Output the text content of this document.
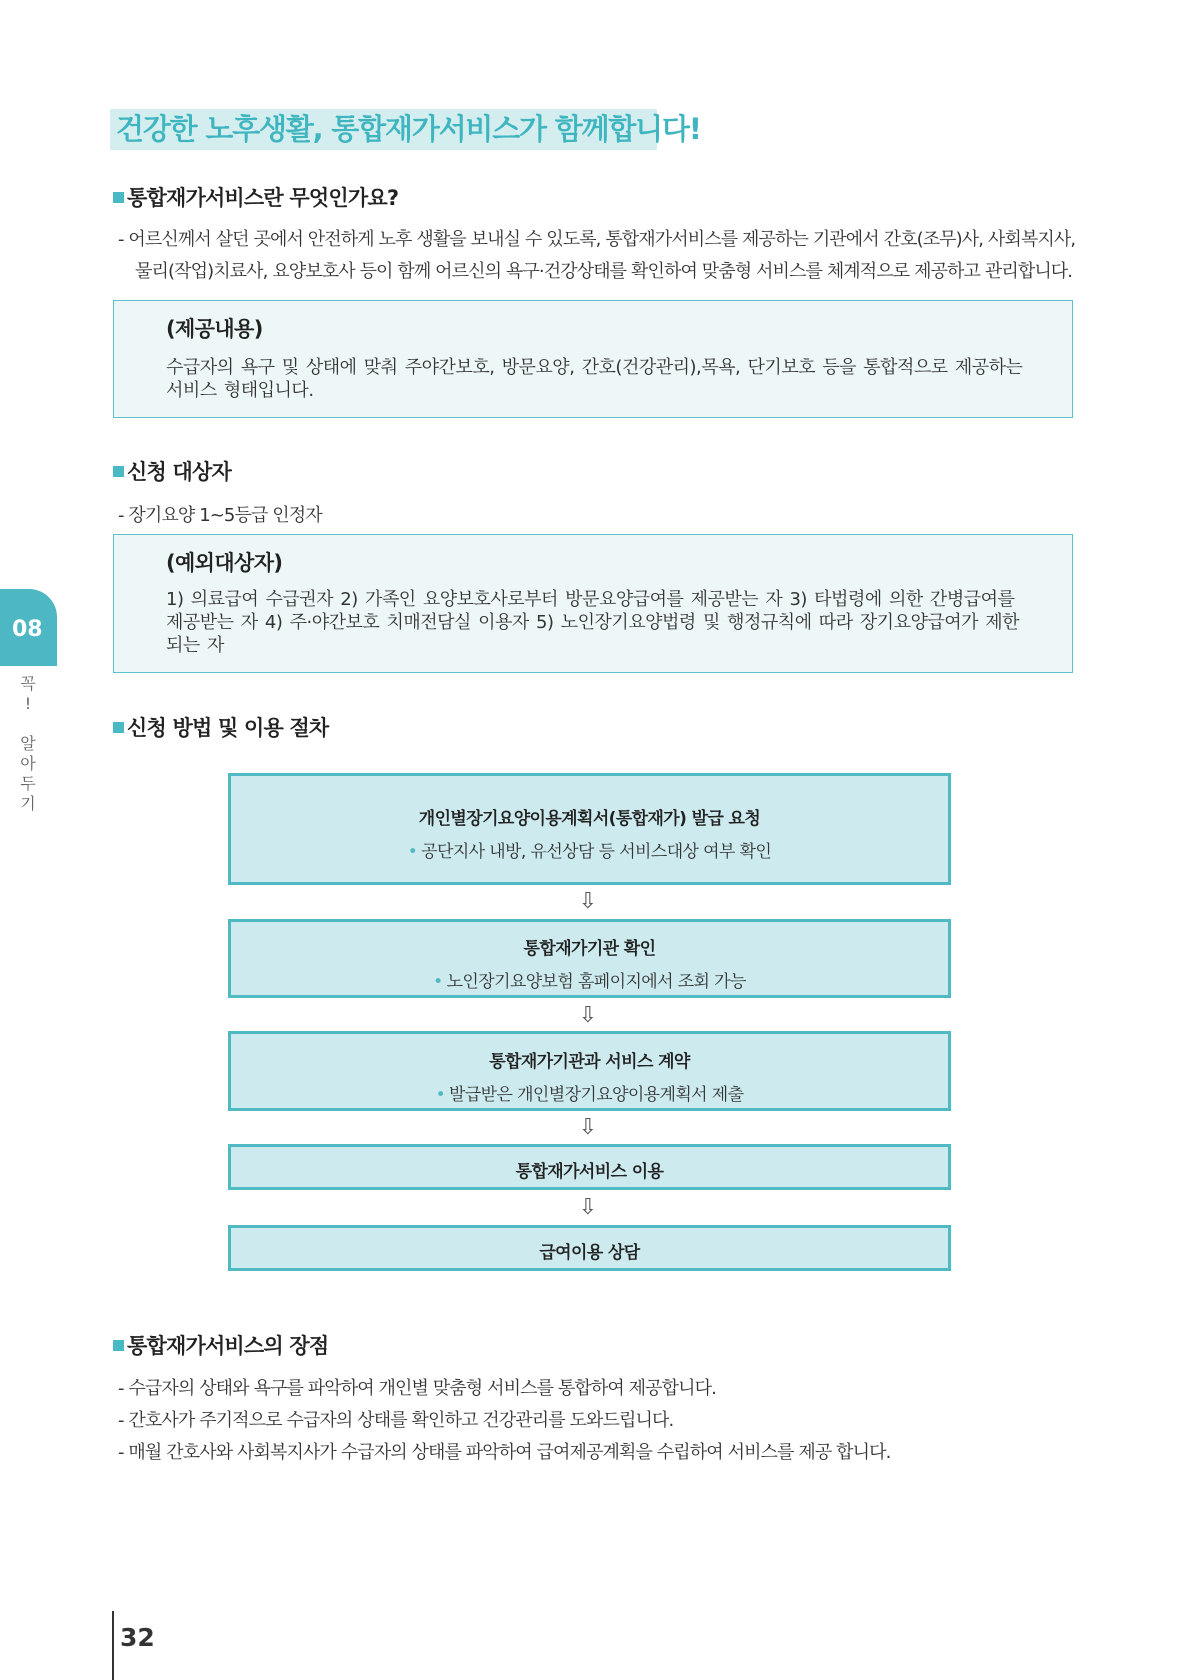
건강한 노후생활, 통합재가서비스가 함께합니다!
통합재가서비스란 무엇인가요?

- 어르신께서 살던 곳에서 안전하게 노후 생활을 보내실 수 있도록, 통합재가서비스를 제공하는 기관에서 간호(조무)사, 사회복지사,

물리(작업)치료사, 요양보호사 등이 함께 어르신의 욕구·건강상태를 확인하여 맞춤형 서비스를 체계적으로 제공하고 관리합니다.

(제공내용)
수급자의 욕구 및 상태에 맞춰 주야간보호, 방문요양, 간호(건강관리),목욕, 단기보호 등을 통합적으로 제공하는
서비스 형태입니다.
신청 대상자

- 장기요양 1~5등급 인정자

(예외대상자)
1) 의료급여 수급권자 2) 가족인 요양보호사로부터 방문요양급여를 제공받는 자 3) 타법령에 의한 간병급여를
제공받는 자 4) 주·야간보호 치매전담실 이용자 5) 노인장기요양법령 및 행정규칙에 따라 장기요양급여가 제한
되는 자
신청 방법 및 이용 절차
개인별장기요양이용계획서(통합재가) 발급 요청
• 공단지사 내방, 유선상담 등 서비스대상 여부 확인
⇩
통합재가기관 확인
• 노인장기요양보험 홈페이지에서 조회 가능
⇩
통합재가기관과 서비스 계약
• 발급받은 개인별장기요양이용계획서 제출
⇩
통합재가서비스 이용
⇩
급여이용 상담
통합재가서비스의 장점

- 수급자의 상태와 욕구를 파악하여 개인별 맞춤형 서비스를 통합하여 제공합니다.

- 간호사가 주기적으로 수급자의 상태를 확인하고 건강관리를 도와드립니다.

- 매월 간호사와 사회복지사가 수급자의 상태를 파악하여 급여제공계획을 수립하여 서비스를 제공 합니다.

08
꼭
!

알
아
두
기
32
